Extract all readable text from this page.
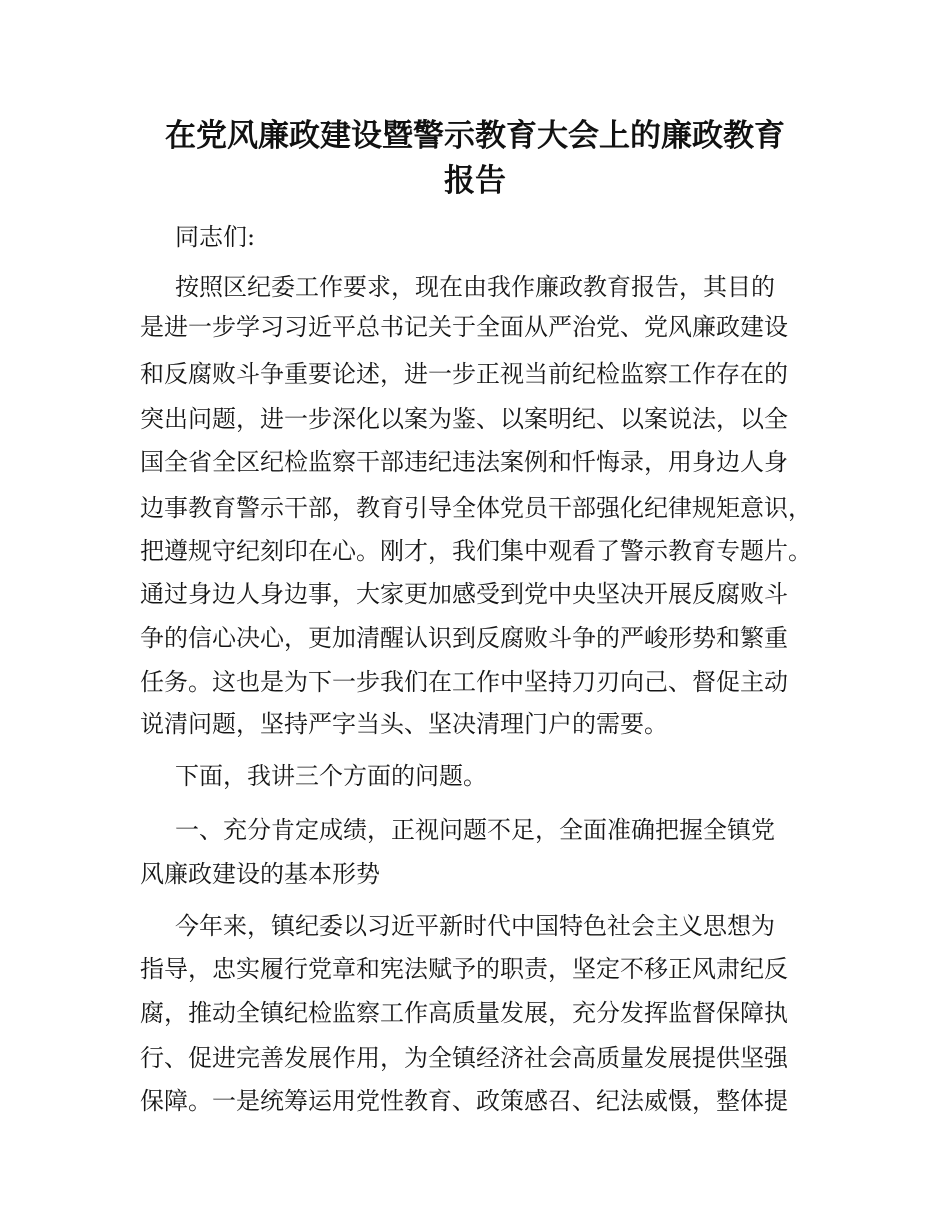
在党风廉政建设暨警示教育大会上的廉政教育
报告

同志们:

按照区纪委工作要求，现在由我作廉政教育报告，其目的

是进一步学习习近平总书记关于全面从严治党、党风廉政建设

和反腐败斗争重要论述，进一步正视当前纪检监察工作存在的

突出问题，进一步深化以案为鉴、以案明纪、以案说法，以全

国全省全区纪检监察干部违纪违法案例和忏悔录，用身边人身

边事教育警示干部，教育引导全体党员干部强化纪律规矩意识，

把遵规守纪刻印在心。刚才，我们集中观看了警示教育专题片。

通过身边人身边事，大家更加感受到党中央坚决开展反腐败斗

争的信心决心，更加清醒认识到反腐败斗争的严峻形势和繁重

任务。这也是为下一步我们在工作中坚持刀刃向己、督促主动

说清问题，坚持严字当头、坚决清理门户的需要。

下面，我讲三个方面的问题。

一、充分肯定成绩，正视问题不足，全面准确把握全镇党

风廉政建设的基本形势

今年来，镇纪委以习近平新时代中国特色社会主义思想为

指导，忠实履行党章和宪法赋予的职责，坚定不移正风肃纪反

腐，推动全镇纪检监察工作高质量发展，充分发挥监督保障执

行、促进完善发展作用，为全镇经济社会高质量发展提供坚强

保障。一是统筹运用党性教育、政策感召、纪法威慑，整体提
